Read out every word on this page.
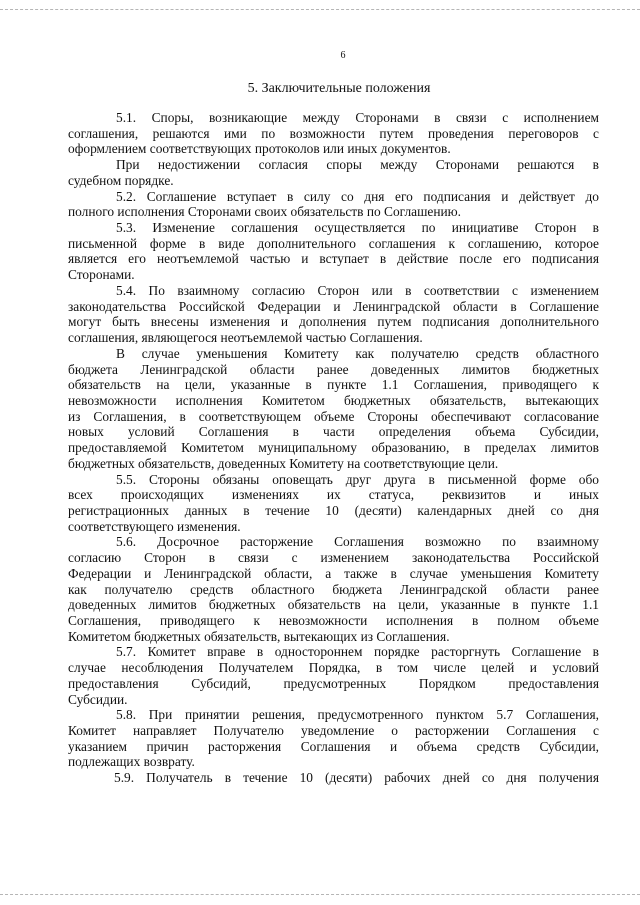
6
5. Заключительные положения
5.1. Споры, возникающие между Сторонами в связи с исполнением
соглашения, решаются ими по возможности путем проведения переговоров с
оформлением соответствующих протоколов или иных документов.
При недостижении согласия споры между Сторонами решаются в
судебном порядке.
5.2. Соглашение вступает в силу со дня его подписания и действует до
полного исполнения Сторонами своих обязательств по Соглашению.
5.3. Изменение соглашения осуществляется по инициативе Сторон в
письменной форме в виде дополнительного соглашения к соглашению, которое
является его неотъемлемой частью и вступает в действие после его подписания
Сторонами.
5.4. По взаимному согласию Сторон или в соответствии с изменением
законодательства Российской Федерации и Ленинградской области в Соглашение
могут быть внесены изменения и дополнения путем подписания дополнительного
соглашения, являющегося неотъемлемой частью Соглашения.
В случае уменьшения Комитету как получателю средств областного
бюджета Ленинградской области ранее доведенных лимитов бюджетных
обязательств на цели, указанные в пункте 1.1 Соглашения, приводящего к
невозможности исполнения Комитетом бюджетных обязательств, вытекающих
из Соглашения, в соответствующем объеме Стороны обеспечивают согласование
новых условий Соглашения в части определения объема Субсидии,
предоставляемой Комитетом муниципальному образованию, в пределах лимитов
бюджетных обязательств, доведенных Комитету на соответствующие цели.
5.5. Стороны обязаны оповещать друг друга в письменной форме обо
всех происходящих изменениях их статуса, реквизитов и иных
регистрационных данных в течение 10 (десяти) календарных дней со дня
соответствующего изменения.
5.6. Досрочное расторжение Соглашения возможно по взаимному
согласию Сторон в связи с изменением законодательства Российской
Федерации и Ленинградской области, а также в случае уменьшения Комитету
как получателю средств областного бюджета Ленинградской области ранее
доведенных лимитов бюджетных обязательств на цели, указанные в пункте 1.1
Соглашения, приводящего к невозможности исполнения в полном объеме
Комитетом бюджетных обязательств, вытекающих из Соглашения.
5.7. Комитет вправе в одностороннем порядке расторгнуть Соглашение в
случае несоблюдения Получателем Порядка, в том числе целей и условий
предоставления Субсидий, предусмотренных Порядком предоставления
Субсидии.
5.8. При принятии решения, предусмотренного пунктом 5.7 Соглашения,
Комитет направляет Получателю уведомление о расторжении Соглашения с
указанием причин расторжения Соглашения и объема средств Субсидии,
подлежащих возврату.
5.9. Получатель в течение 10 (десяти) рабочих дней со дня получения
